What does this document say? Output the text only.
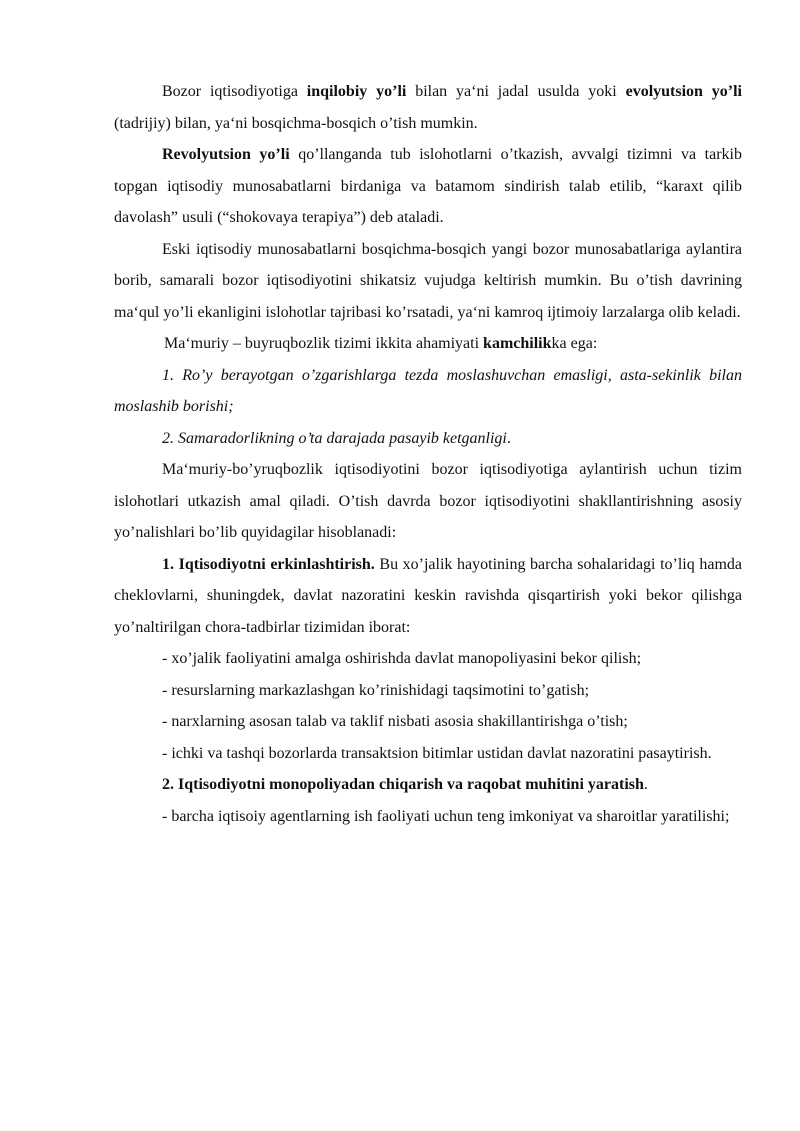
Bozor iqtisodiyotiga inqilobiy yo’li bilan ya‘ni jadal usulda yoki evolyutsion yo’li (tadrijiy) bilan, ya‘ni bosqichma-bosqich o’tish mumkin.

Revolyutsion yo’li qo’llanganda tub islohotlarni o’tkazish, avvalgi tizimni va tarkib topgan iqtisodiy munosabatlarni birdaniga va batamom sindirish talab etilib, “karaxt qilib davolash” usuli (“shokovaya terapiya”) deb ataladi.

Eski iqtisodiy munosabatlarni bosqichma-bosqich yangi bozor munosabatlariga aylantira borib, samarali bozor iqtisodiyotini shikatsiz vujudga keltirish mumkin. Bu o’tish davrining ma‘qul yo’li ekanligini islohotlar tajribasi ko’rsatadi, ya‘ni kamroq ijtimoiy larzalarga olib keladi.

Ma‘muriy – buyruqbozlik tizimi ikkita ahamiyati kamchilikka ega:

1. Ro’y berayotgan o’zgarishlarga tezda moslashuvchan emasligi, asta-sekinlik bilan moslashib borishi;

2. Samaradorlikning o’ta darajada pasayib ketganligi.

Ma‘muriy-bo’yruqbozlik iqtisodiyotini bozor iqtisodiyotiga aylantirish uchun tizim islohotlari utkazish amal qiladi. O’tish davrda bozor iqtisodiyotini shakllantirishning asosiy yo’nalishlari bo’lib quyidagilar hisoblanadi:

1. Iqtisodiyotni erkinlashtirish. Bu xo’jalik hayotining barcha sohalaridagi to’liq hamda cheklovlarni, shuningdek, davlat nazoratini keskin ravishda qisqartirish yoki bekor qilishga yo’naltirilgan chora-tadbirlar tizimidan iborat:

- xo’jalik faoliyatini amalga oshirishda davlat manopoliyasini bekor qilish;

- resurslarning markazlashgan ko’rinishidagi taqsimotini to’gatish;

- narxlarning asosan talab va taklif nisbati asosia shakillantirishga o’tish;

- ichki va tashqi bozorlarda transaktsion bitimlar ustidan davlat nazoratini pasaytirish.

2. Iqtisodiyotni monopoliyadan chiqarish va raqobat muhitini yaratish.

- barcha iqtisoiy agentlarning ish faoliyati uchun teng imkoniyat va sharoitlar yaratilishi;
